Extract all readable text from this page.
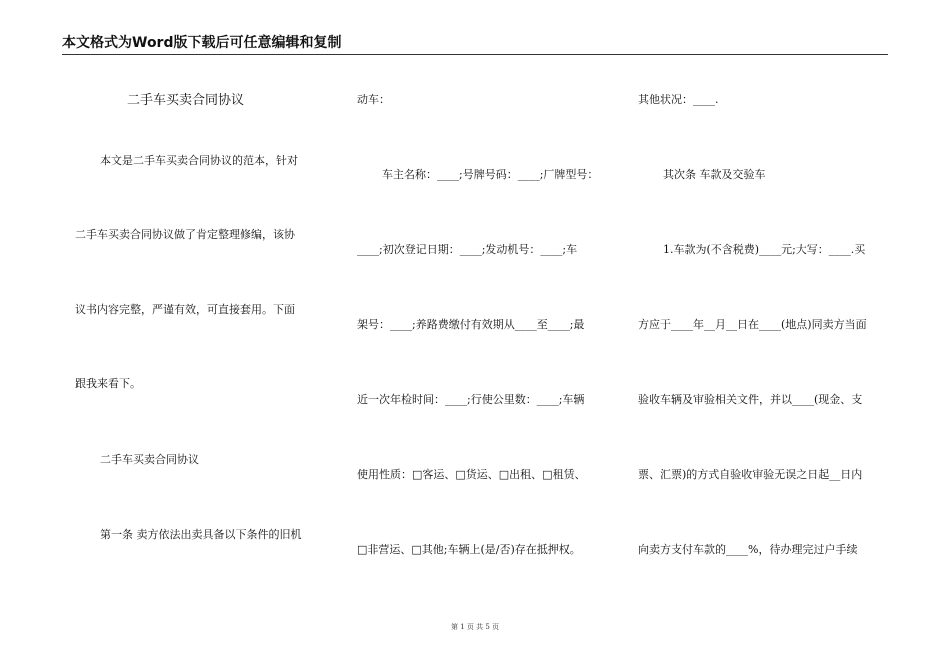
本文格式为Word版下载后可任意编辑和复制
二手车买卖合同协议
本文是二手车买卖合同协议的范本，针对
二手车买卖合同协议做了肯定整理修编，该协
议书内容完整，严谨有效，可直接套用。下面
跟我来看下。
二手车买卖合同协议
第一条 卖方依法出卖具备以下条件的旧机
动车：
车主名称：____;号牌号码：____;厂牌型号：
____;初次登记日期：____;发动机号：____;车
架号：____;养路费缴付有效期从____至____;最
近一次年检时间：____;行使公里数：____;车辆
使用性质：□客运、□货运、□出租、□租赁、
□非营运、□其他;车辆上(是/否)存在抵押权。
其他状况：____.
其次条 车款及交验车
1.车款为(不含税费)____元;大写：____.买
方应于____年__月__日在____(地点)同卖方当面
验收车辆及审验相关文件，并以____(现金、支
票、汇票)的方式自验收审验无误之日起__日内
向卖方支付车款的____%，待办理完过户手续
第 1 页 共 5 页
